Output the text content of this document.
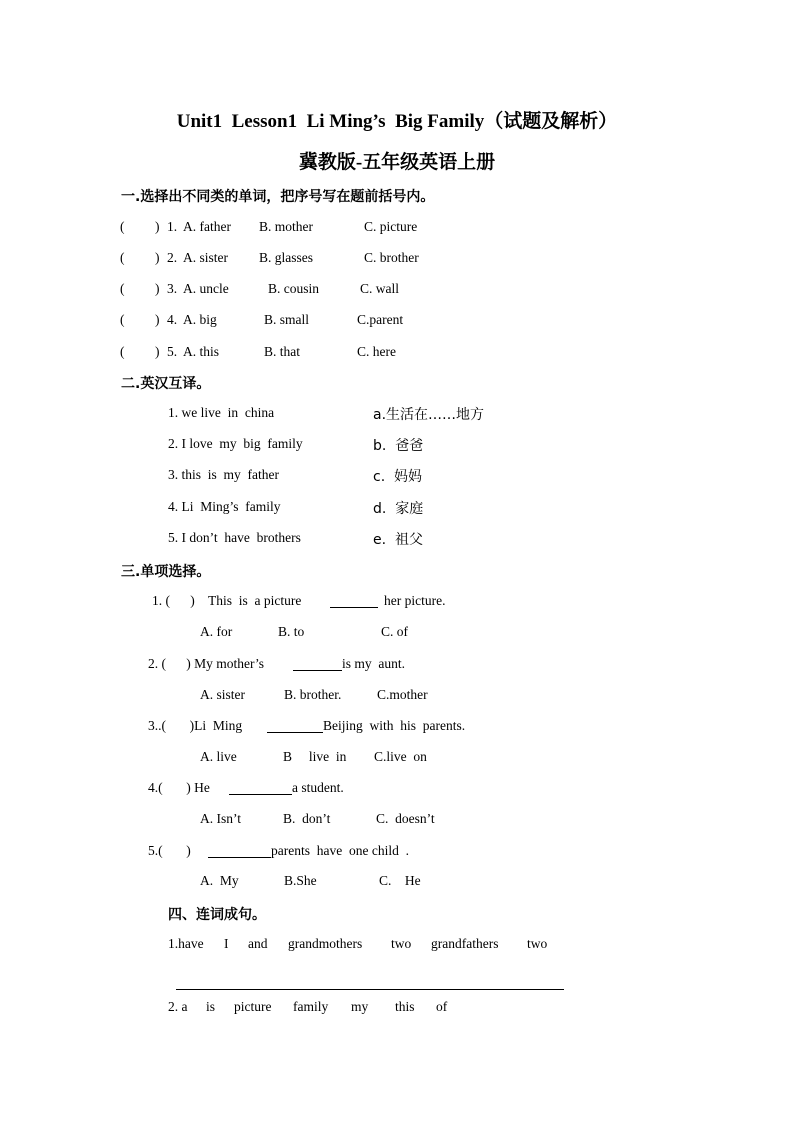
Unit1  Lesson1  Li Ming’s  Big Family（试题及解析）
冀教版-五年级英语上册
一.选择出不同类的单词，把序号写在题前括号内。
( ) 1. A. father B. mother	C. picture
( ) 2. A. sister B. glasses	C. brother
( ) 3. A. uncle	B. cousin	C. wall
( ) 4. A. big	B. small	C.parent
( ) 5. A. this	B. that	C. here
二.英汉互译。
1. we live  in  china	a.生活在……地方
2. I love  my  big  family	b.  爸爸
3. this  is  my  father	c.  妈妈
4. Li  Ming’s  family	d.  家庭
5. I don’t  have  brothers	e.  祖父
三.单项选择。
1. (      )    This  is  a picture	her picture.
A. for	B. to	C. of
2. (      ) My mother’s	is my  aunt.
A. sister	B. brother.	C.mother
3..(       )Li  Ming	Beijing  with  his  parents.
A. live	B     live  in C.live  on
4.(       ) He	a student.
A. Isn’t	B.  don’t	C.  doesn’t
5.(       )	parents  have  one child  .
A.  My	B.She	C.    He
四、连词成句。
1.have I and grandmothers two grandfathers two
2. a is picture family my this of
